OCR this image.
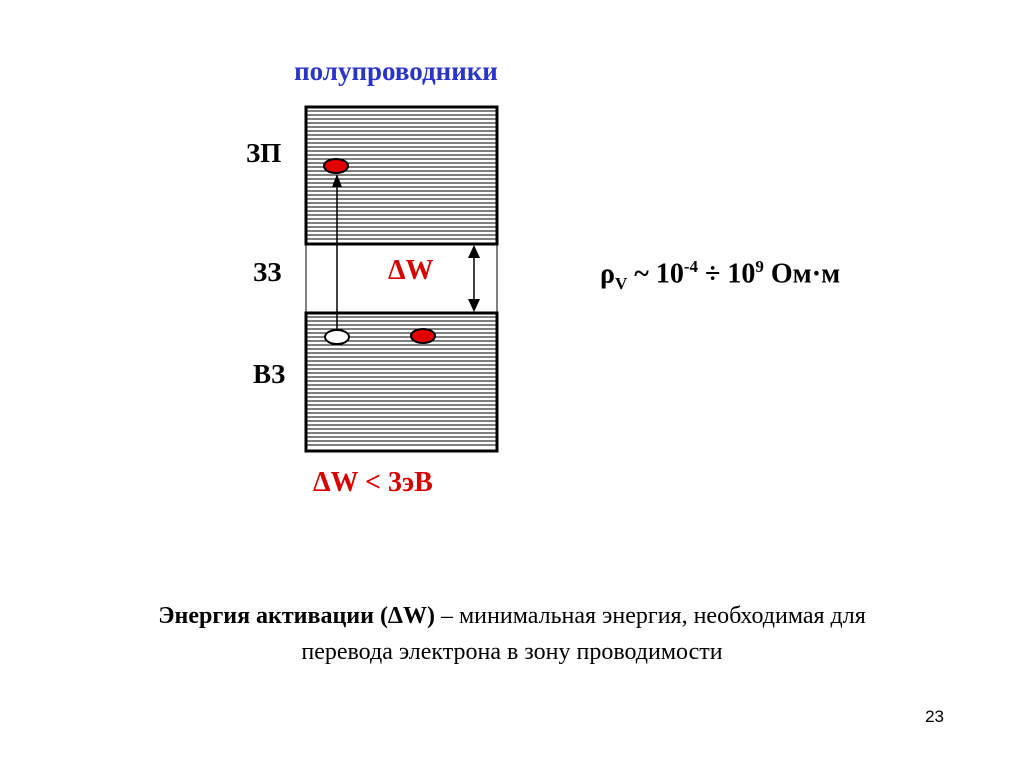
полупроводники
ЗП
ЗЗ
ВЗ
ΔW
ΔW < 3эВ
$\rho_V$ ~ $10^{-4} \div 10^9$ Ом·м
Энергия активации (ΔW) – минимальная энергия, необходимая для
перевода электрона в зону проводимости
23
